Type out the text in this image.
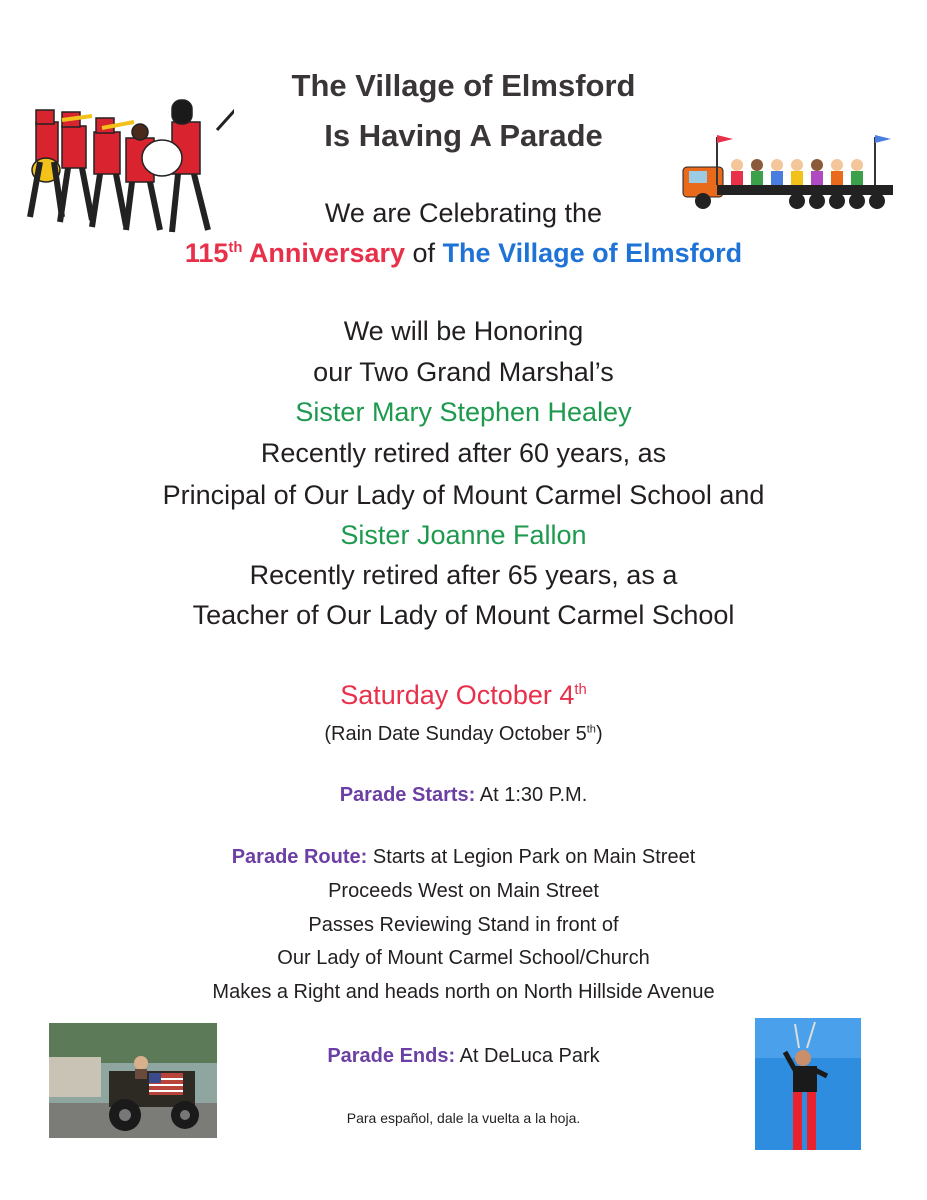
The Village of Elmsford
Is Having A Parade
We are Celebrating the
115th Anniversary of The Village of Elmsford
We will be Honoring
our Two Grand Marshal’s
Sister Mary Stephen Healey
Recently retired after 60 years, as
Principal of Our Lady of Mount Carmel School and
Sister Joanne Fallon
Recently retired after 65 years, as a
Teacher of Our Lady of Mount Carmel School
Saturday October 4th
(Rain Date Sunday October 5th)
Parade Starts: At 1:30 P.M.
Parade Route: Starts at Legion Park on Main Street
Proceeds West on Main Street
Passes Reviewing Stand in front of
Our Lady of Mount Carmel School/Church
Makes a Right and heads north on North Hillside Avenue
Parade Ends: At DeLuca Park
Para español, dale la vuelta a la hoja.
